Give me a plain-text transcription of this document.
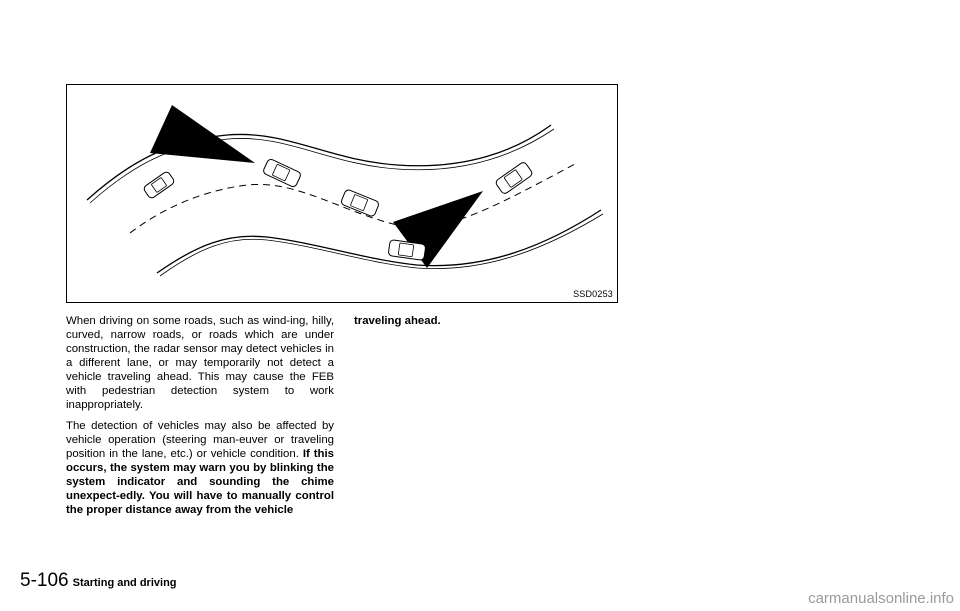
SSD0253

When driving on some roads, such as wind-ing, hilly, curved, narrow roads, or roads which are under construction, the radar sensor may detect vehicles in a different lane, or may temporarily not detect a vehicle traveling ahead. This may cause the FEB with pedestrian detection system to work inappropriately.

The detection of vehicles may also be affected by vehicle operation (steering man-euver or traveling position in the lane, etc.) or vehicle condition. If this occurs, the system may warn you by blinking the system indicator and sounding the chime unexpect-edly. You will have to manually control the proper distance away from the vehicle

traveling ahead.

5-106 Starting and driving
carmanualsonline.info
